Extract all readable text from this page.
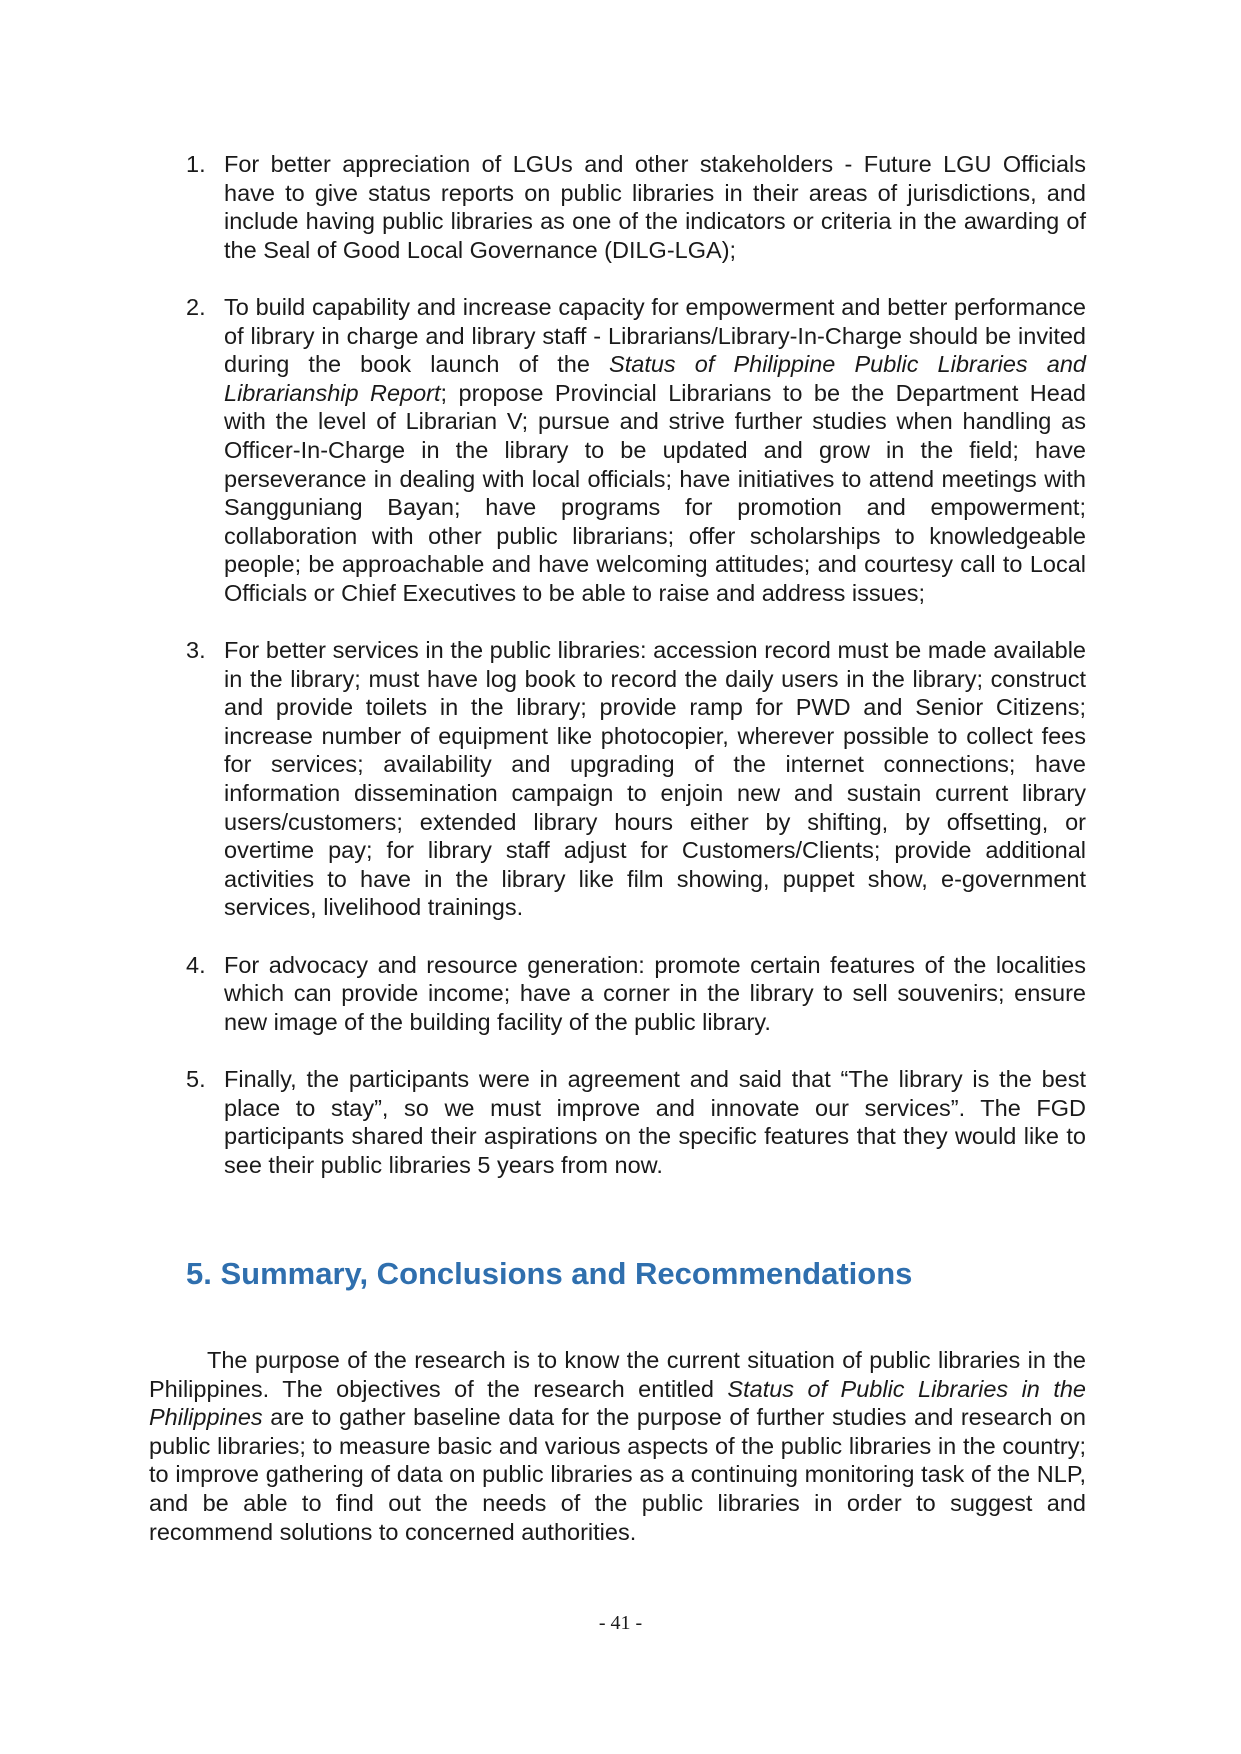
1. For better appreciation of LGUs and other stakeholders - Future LGU Officials have to give status reports on public libraries in their areas of jurisdictions, and include having public libraries as one of the indicators or criteria in the awarding of the Seal of Good Local Governance (DILG-LGA);
2. To build capability and increase capacity for empowerment and better performance of library in charge and library staff - Librarians/Library-In-Charge should be invited during the book launch of the Status of Philippine Public Libraries and Librarianship Report; propose Provincial Librarians to be the Department Head with the level of Librarian V; pursue and strive further studies when handling as Officer-In-Charge in the library to be updated and grow in the field; have perseverance in dealing with local officials; have initiatives to attend meetings with Sangguniang Bayan; have programs for promotion and empowerment; collaboration with other public librarians; offer scholarships to knowledgeable people; be approachable and have welcoming attitudes; and courtesy call to Local Officials or Chief Executives to be able to raise and address issues;
3. For better services in the public libraries: accession record must be made available in the library; must have log book to record the daily users in the library; construct and provide toilets in the library; provide ramp for PWD and Senior Citizens; increase number of equipment like photocopier, wherever possible to collect fees for services; availability and upgrading of the internet connections; have information dissemination campaign to enjoin new and sustain current library users/customers; extended library hours either by shifting, by offsetting, or overtime pay; for library staff adjust for Customers/Clients; provide additional activities to have in the library like film showing, puppet show, e-government services, livelihood trainings.
4. For advocacy and resource generation: promote certain features of the localities which can provide income; have a corner in the library to sell souvenirs; ensure new image of the building facility of the public library.
5. Finally, the participants were in agreement and said that “The library is the best place to stay”, so we must improve and innovate our services”. The FGD participants shared their aspirations on the specific features that they would like to see their public libraries 5 years from now.
5. Summary, Conclusions and Recommendations

The purpose of the research is to know the current situation of public libraries in the Philippines. The objectives of the research entitled Status of Public Libraries in the Philippines are to gather baseline data for the purpose of further studies and research on public libraries; to measure basic and various aspects of the public libraries in the country; to improve gathering of data on public libraries as a continuing monitoring task of the NLP, and be able to find out the needs of the public libraries in order to suggest and recommend solutions to concerned authorities.

- 41 -
